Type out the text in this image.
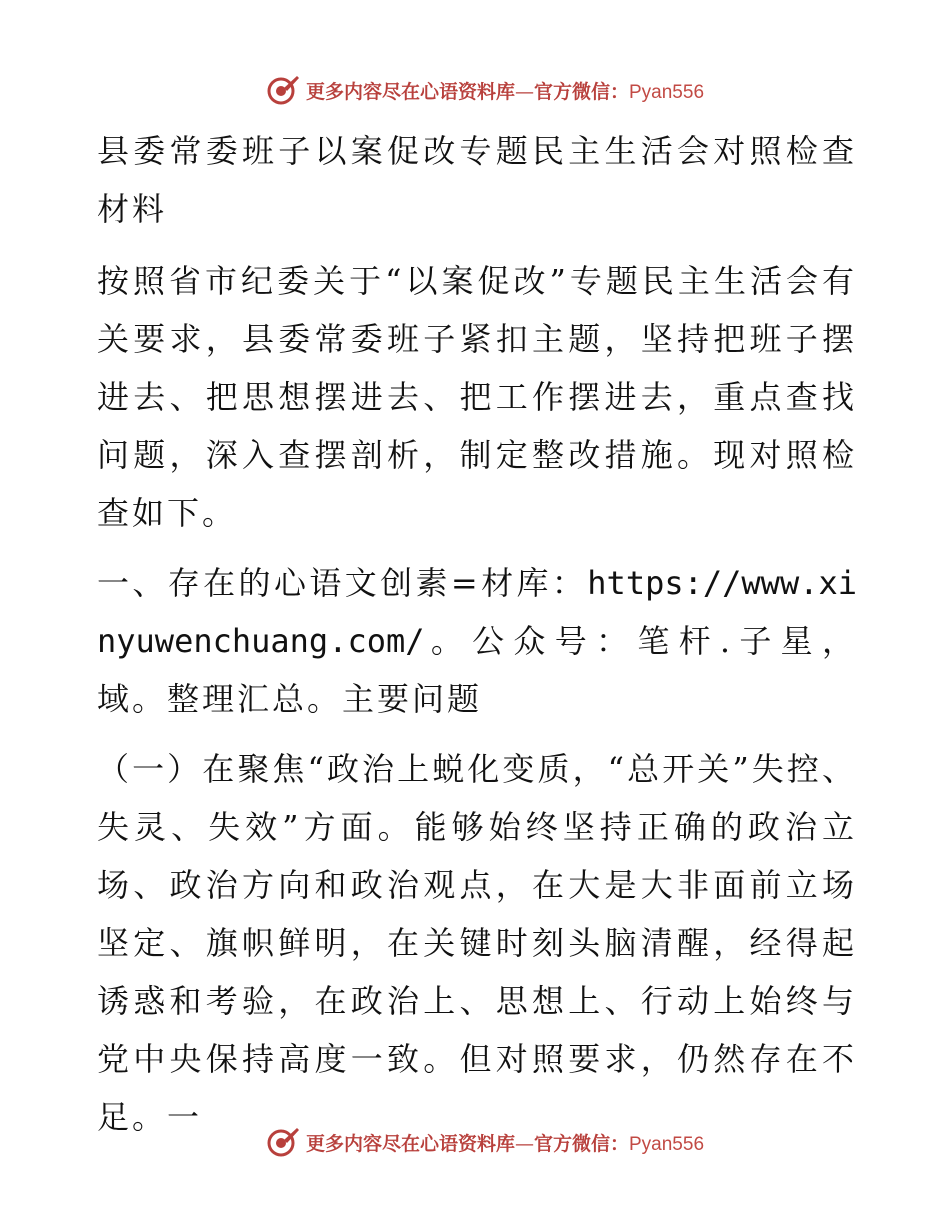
更多内容尽在心语资料库—官方微信：Pyan556

县委常委班子以案促改专题民主生活会对照检查材料

按照省市纪委关于“以案促改”专题民主生活会有关要求，县委常委班子紧扣主题，坚持把班子摆进去、把思想摆进去、把工作摆进去，重点查找问题，深入查摆剖析，制定整改措施。现对照检查如下。

一、存在的心语文创素=材库：https://www.xinyuwenchuang.com/。公众号：笔杆.子星，域。整理汇总。主要问题

（一）在聚焦“政治上蜕化变质，“总开关”失控、失灵、失效”方面。能够始终坚持正确的政治立场、政治方向和政治观点，在大是大非面前立场坚定、旗帜鲜明，在关键时刻头脑清醒，经得起诱惑和考验，在政治上、思想上、行动上始终与党中央保持高度一致。但对照要求，仍然存在不足。一

更多内容尽在心语资料库—官方微信：Pyan556
